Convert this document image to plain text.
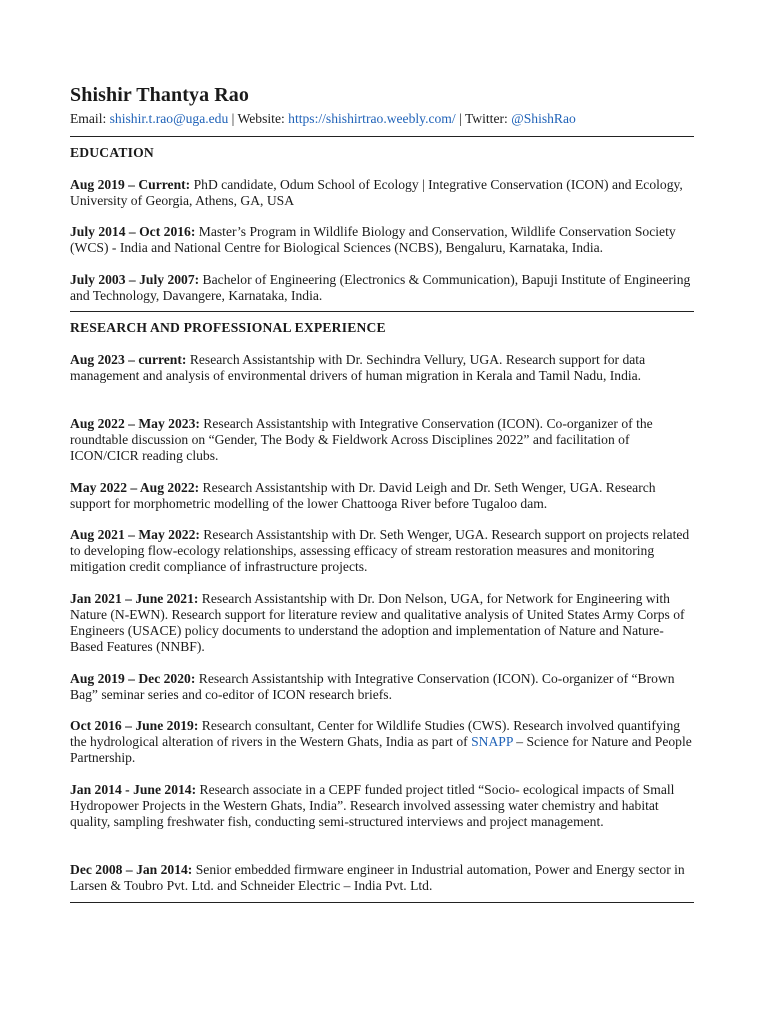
Shishir Thantya Rao
Email: shishir.t.rao@uga.edu | Website: https://shishirtrao.weebly.com/ | Twitter: @ShishRao
EDUCATION
Aug 2019 – Current: PhD candidate, Odum School of Ecology | Integrative Conservation (ICON) and Ecology, University of Georgia, Athens, GA, USA
July 2014 – Oct 2016: Master’s Program in Wildlife Biology and Conservation, Wildlife Conservation Society (WCS) - India and National Centre for Biological Sciences (NCBS), Bengaluru, Karnataka, India.
July 2003 – July 2007: Bachelor of Engineering (Electronics & Communication), Bapuji Institute of Engineering and Technology, Davangere, Karnataka, India.
RESEARCH AND PROFESSIONAL EXPERIENCE
Aug 2023 – current: Research Assistantship with Dr. Sechindra Vellury, UGA. Research support for data management and analysis of environmental drivers of human migration in Kerala and Tamil Nadu, India.
Aug 2022 – May 2023: Research Assistantship with Integrative Conservation (ICON). Co-organizer of the roundtable discussion on “Gender, The Body & Fieldwork Across Disciplines 2022” and facilitation of ICON/CICR reading clubs.
May 2022 – Aug 2022: Research Assistantship with Dr. David Leigh and Dr. Seth Wenger, UGA. Research support for morphometric modelling of the lower Chattooga River before Tugaloo dam.
Aug 2021 – May 2022: Research Assistantship with Dr. Seth Wenger, UGA. Research support on projects related to developing flow-ecology relationships, assessing efficacy of stream restoration measures and monitoring mitigation credit compliance of infrastructure projects.
Jan 2021 – June 2021: Research Assistantship with Dr. Don Nelson, UGA, for Network for Engineering with Nature (N-EWN). Research support for literature review and qualitative analysis of United States Army Corps of Engineers (USACE) policy documents to understand the adoption and implementation of Nature and Nature-Based Features (NNBF).
Aug 2019 – Dec 2020: Research Assistantship with Integrative Conservation (ICON). Co-organizer of “Brown Bag” seminar series and co-editor of ICON research briefs.
Oct 2016 – June 2019: Research consultant, Center for Wildlife Studies (CWS). Research involved quantifying the hydrological alteration of rivers in the Western Ghats, India as part of SNAPP – Science for Nature and People Partnership.
Jan 2014 - June 2014: Research associate in a CEPF funded project titled “Socio- ecological impacts of Small Hydropower Projects in the Western Ghats, India”. Research involved assessing water chemistry and habitat quality, sampling freshwater fish, conducting semi-structured interviews and project management.
Dec 2008 – Jan 2014: Senior embedded firmware engineer in Industrial automation, Power and Energy sector in Larsen & Toubro Pvt. Ltd. and Schneider Electric – India Pvt. Ltd.
